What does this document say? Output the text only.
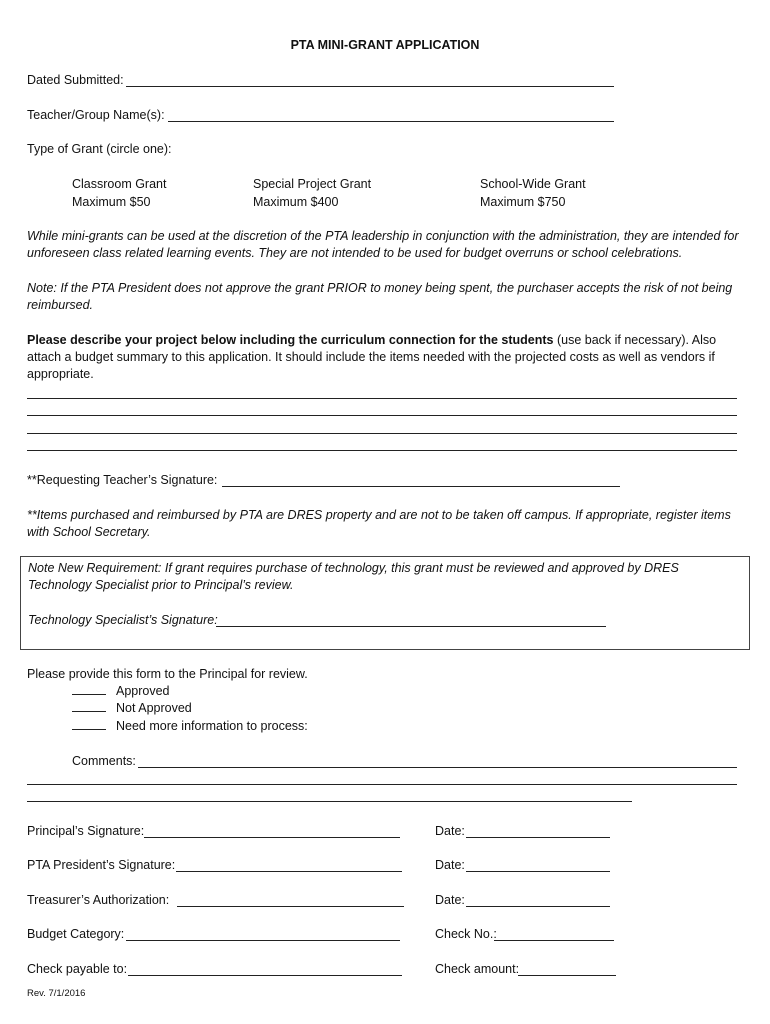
PTA MINI-GRANT APPLICATION
Dated Submitted:
Teacher/Group Name(s):
Type of Grant (circle one):
Classroom Grant
Maximum $50
Special Project Grant
Maximum $400
School-Wide Grant
Maximum $750
While mini-grants can be used at the discretion of the PTA leadership in conjunction with the administration, they are intended for unforeseen class related learning events. They are not intended to be used for budget overruns or school celebrations.
Note: If the PTA President does not approve the grant PRIOR to money being spent, the purchaser accepts the risk of not being reimbursed.
Please describe your project below including the curriculum connection for the students (use back if necessary). Also attach a budget summary to this application. It should include the items needed with the projected costs as well as vendors if appropriate.
**Requesting Teacher’s Signature:
**Items purchased and reimbursed by PTA are DRES property and are not to be taken off campus. If appropriate, register items with School Secretary.
Note New Requirement: If grant requires purchase of technology, this grant must be reviewed and approved by DRES Technology Specialist prior to Principal’s review.
Technology Specialist’s Signature:
Please provide this form to the Principal for review.
Approved
Not Approved
Need more information to process:
Comments:
Principal’s Signature:	Date:
PTA President’s Signature:	Date:
Treasurer’s Authorization:	Date:
Budget Category:	Check No.:
Check payable to:	Check amount:
Rev. 7/1/2016
